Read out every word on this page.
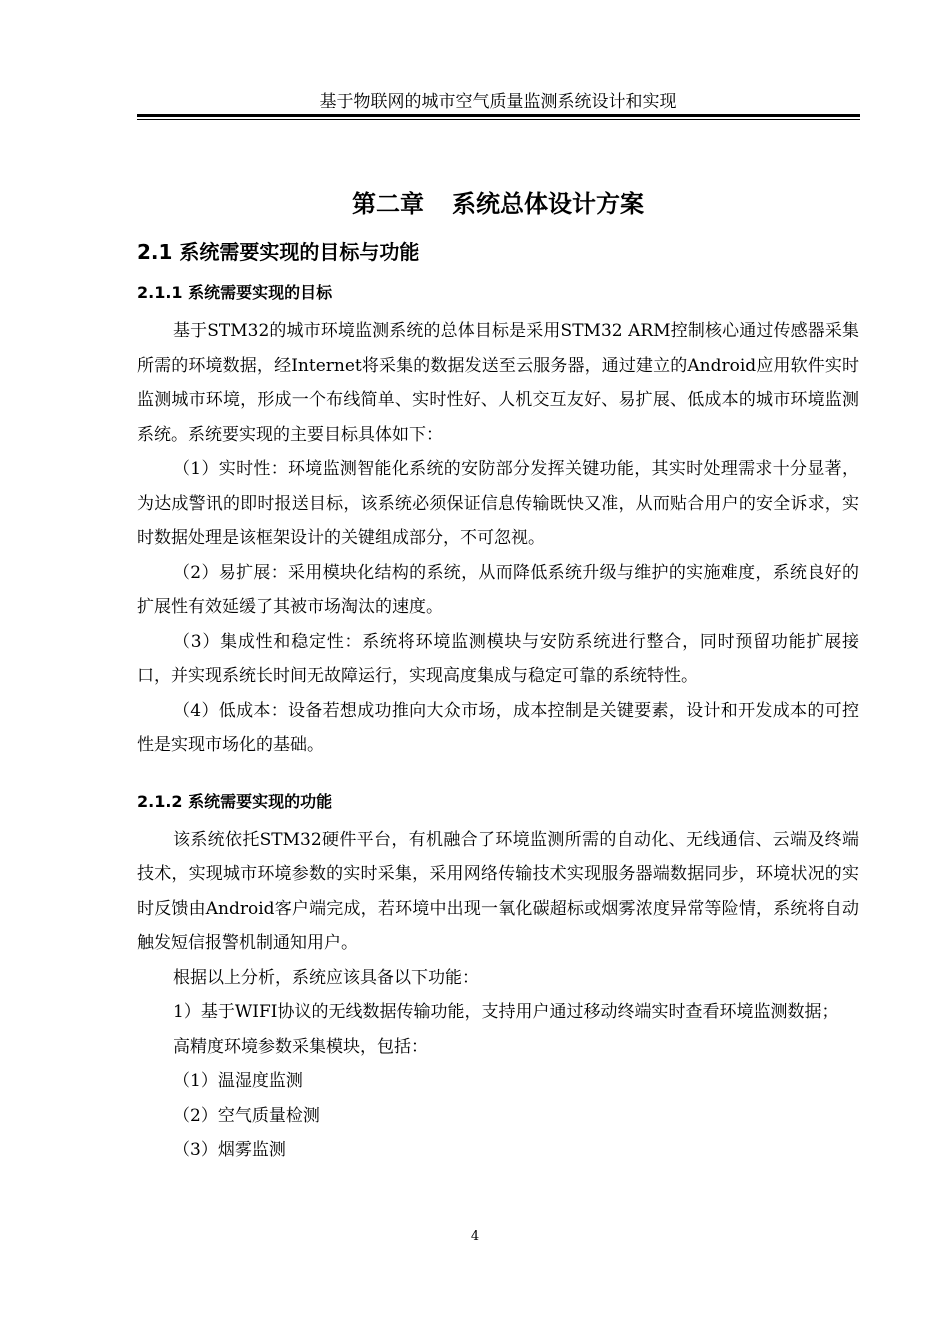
基于物联网的城市空气质量监测系统设计和实现
第二章 系统总体设计方案
2.1 系统需要实现的目标与功能
2.1.1 系统需要实现的目标

基于STM32的城市环境监测系统的总体目标是采用STM32 ARM控制核心通过传感器采集所需的环境数据，经Internet将采集的数据发送至云服务器，通过建立的Android应用软件实时监测城市环境，形成一个布线简单、实时性好、人机交互友好、易扩展、低成本的城市环境监测系统。系统要实现的主要目标具体如下：

（1）实时性：环境监测智能化系统的安防部分发挥关键功能，其实时处理需求十分显著，为达成警讯的即时报送目标，该系统必须保证信息传输既快又准，从而贴合用户的安全诉求，实时数据处理是该框架设计的关键组成部分，不可忽视。

（2）易扩展：采用模块化结构的系统，从而降低系统升级与维护的实施难度，系统良好的扩展性有效延缓了其被市场淘汰的速度。

（3）集成性和稳定性：系统将环境监测模块与安防系统进行整合，同时预留功能扩展接口，并实现系统长时间无故障运行，实现高度集成与稳定可靠的系统特性。

（4）低成本：设备若想成功推向大众市场，成本控制是关键要素，设计和开发成本的可控性是实现市场化的基础。

2.1.2 系统需要实现的功能

该系统依托STM32硬件平台，有机融合了环境监测所需的自动化、无线通信、云端及终端技术，实现城市环境参数的实时采集，采用网络传输技术实现服务器端数据同步，环境状况的实时反馈由Android客户端完成，若环境中出现一氧化碳超标或烟雾浓度异常等险情，系统将自动触发短信报警机制通知用户。

根据以上分析，系统应该具备以下功能：

1）基于WIFI协议的无线数据传输功能，支持用户通过移动终端实时查看环境监测数据；

高精度环境参数采集模块，包括：

（1）温湿度监测

（2）空气质量检测

（3）烟雾监测

4
